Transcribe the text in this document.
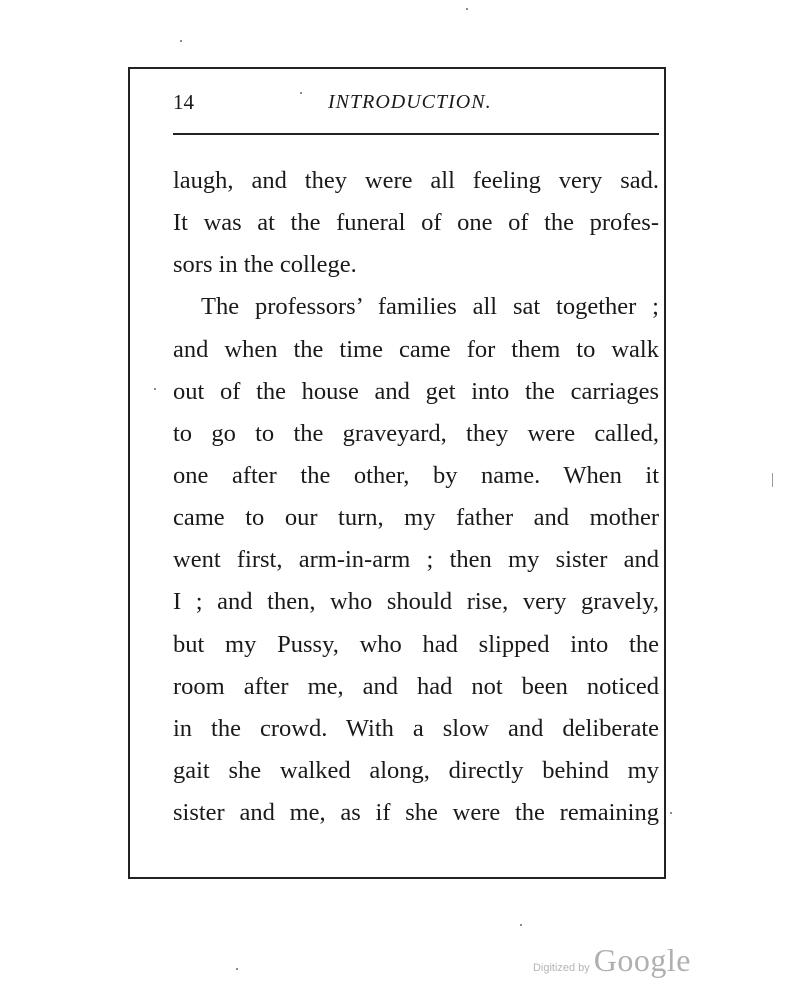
14	INTRODUCTION.
laugh, and they were all feeling very sad.
It was at the funeral of one of the profes-
sors in the college.
The professors’ families all sat together ;
and when the time came for them to walk
out of the house and get into the carriages
to go to the graveyard, they were called,
one after the other, by name. When it
came to our turn, my father and mother
went first, arm-in-arm ; then my sister and
I ; and then, who should rise, very gravely,
but my Pussy, who had slipped into the
room after me, and had not been noticed
in the crowd. With a slow and deliberate
gait she walked along, directly behind my
sister and me, as if she were the remaining
Digitized by Google
